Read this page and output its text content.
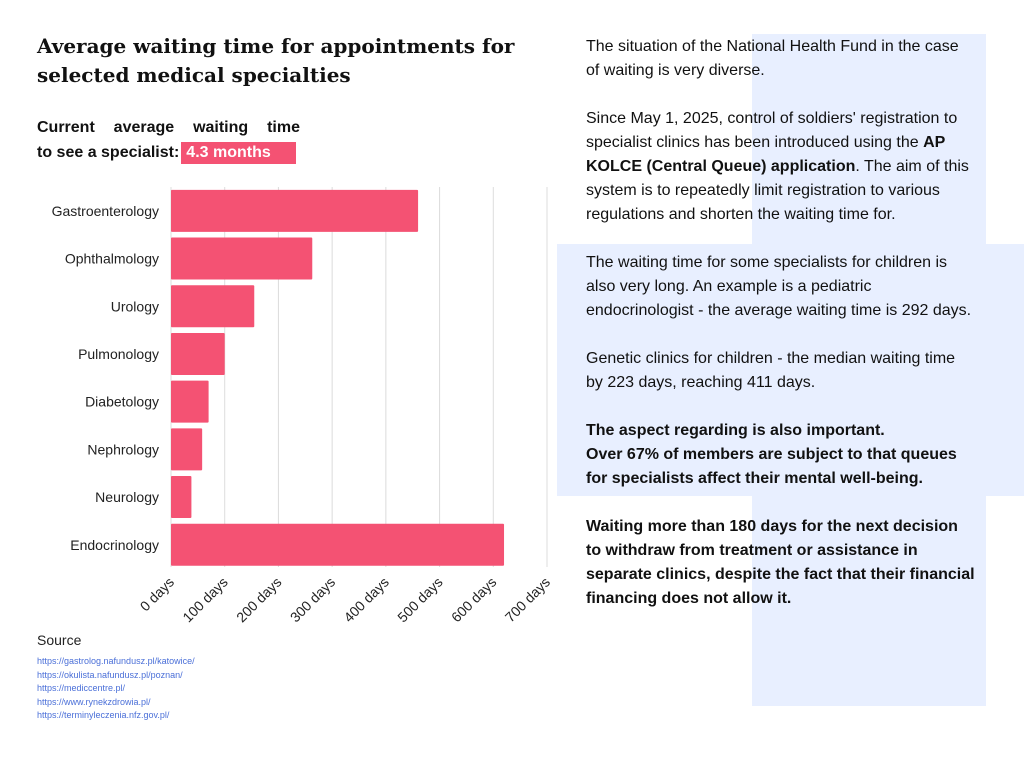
Average waiting time for appointments for selected medical specialties
Current average waiting time
to see a specialist: 4.3 months
Gastroenterology
Ophthalmology
Urology
Pulmonology
Diabetology
Nephrology
Neurology
Endocrinology
0 days 100 days 200 days 300 days 400 days 500 days 600 days 700 days
Source
https://gastrolog.nafundusz.pl/katowice/
https://okulista.nafundusz.pl/poznan/
https://mediccentre.pl/
https://www.rynekzdrowia.pl/
https://terminyleczenia.nfz.gov.pl/

The situation of the National Health Fund in the case of waiting is very diverse.

Since May 1, 2025, control of soldiers' registration to specialist clinics has been introduced using the AP KOLCE (Central Queue) application. The aim of this system is to repeatedly limit registration to various regulations and shorten the waiting time for.

The waiting time for some specialists for children is also very long. An example is a pediatric endocrinologist - the average waiting time is 292 days.

Genetic clinics for children - the median waiting time by 223 days, reaching 411 days.

The aspect regarding is also important.
Over 67% of members are subject to that queues for specialists affect their mental well-being.

Waiting more than 180 days for the next decision to withdraw from treatment or assistance in separate clinics, despite the fact that their financial financing does not allow it.
